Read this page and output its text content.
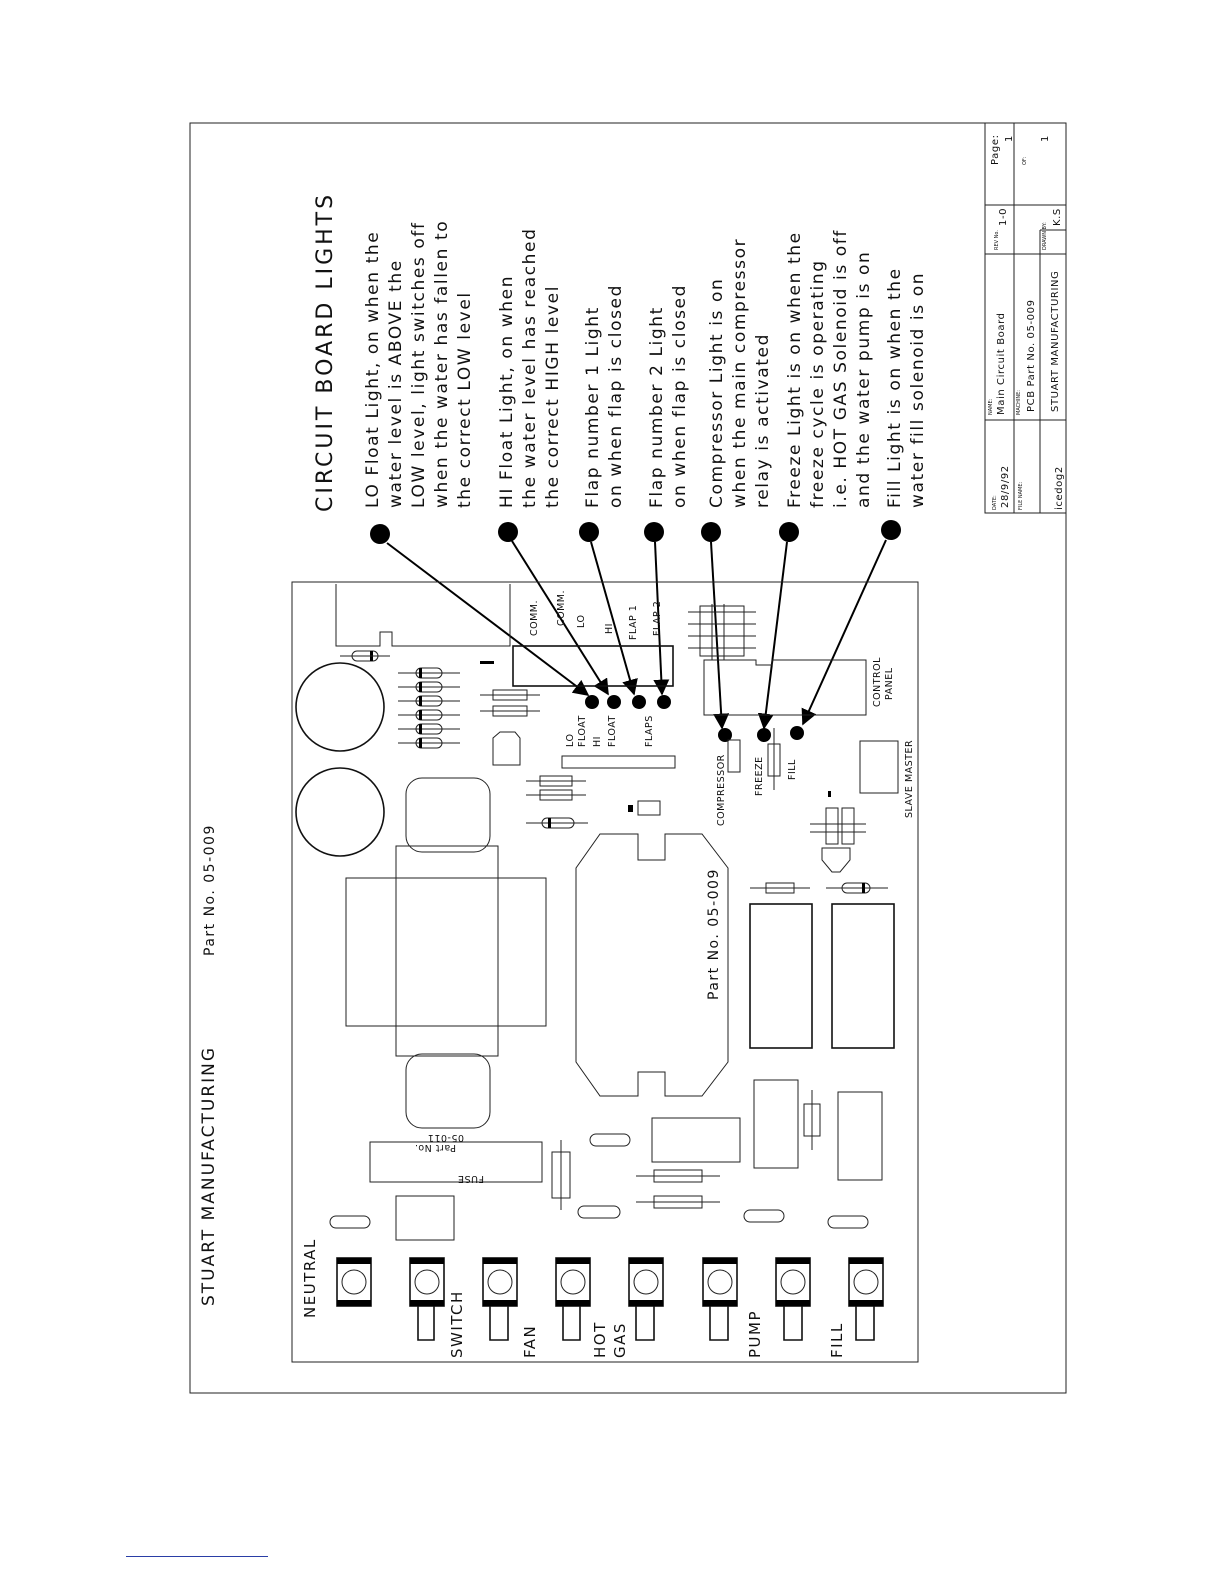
CIRCUIT BOARD LIGHTS LO Float Light, on when the water level is ABOVE the LOW level, light switches off when the water has fallen to the correct LOW level HI Float Light, on when the water level has reached the correct HIGH level Flap number 1 Light on when flap is closed Flap number 2 Light on when flap is closed Compressor Light is on when the main compressor relay is activated Freeze Light is on when the freeze cycle is operating i.e. HOT GAS Solenoid is off and the water pump is on Fill Light is on when the water fill solenoid is on
COMM. COMM. LO
HI FLAP 1 FLAP 2
LO FLOAT HI FLOAT	FLAPS
COMPRESSOR	FREEZE FILL
CONTROL PANEL
SLAVE MASTER
Part No. 05-009	Part No. 05-009
Part No.
05-011
FUSE
STUART MANUFACTURING	NEUTRAL
SWITCH	FAN	HOT GAS	PUMP	FILL
DATE: 28/9/92 FILE NAME:	icedog2
NAME: Main Circuit Board MACHINE: PCB Part No. 05-009 STUART MANUFACTURING
REV No.
1-0
DRAWN BY:
K.S
Page: 1
OF:
1
